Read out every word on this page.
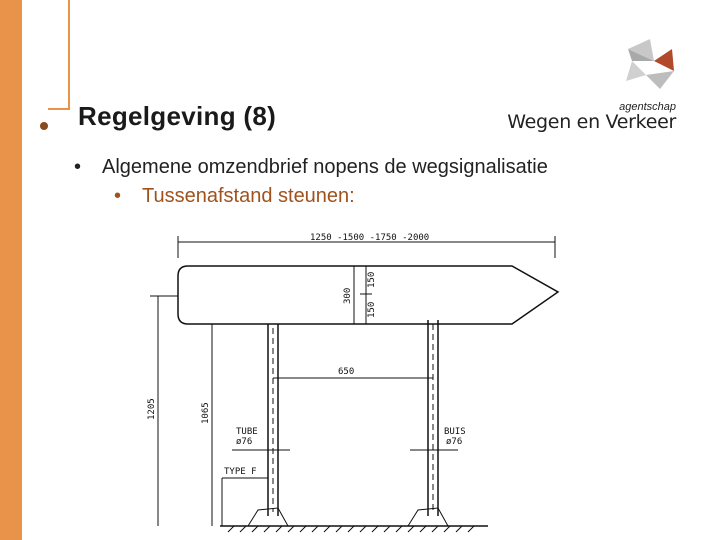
Regelgeving (8)	agentschap
Wegen en Verkeer
• Algemene omzendbrief nopens de wegsignalisatie
• Tussenafstand steunen:
1250 -1500 -1750 -2000
300
150
150
650
1205	1065
TUBE
ø76
BUIS
ø76
TYPE F
